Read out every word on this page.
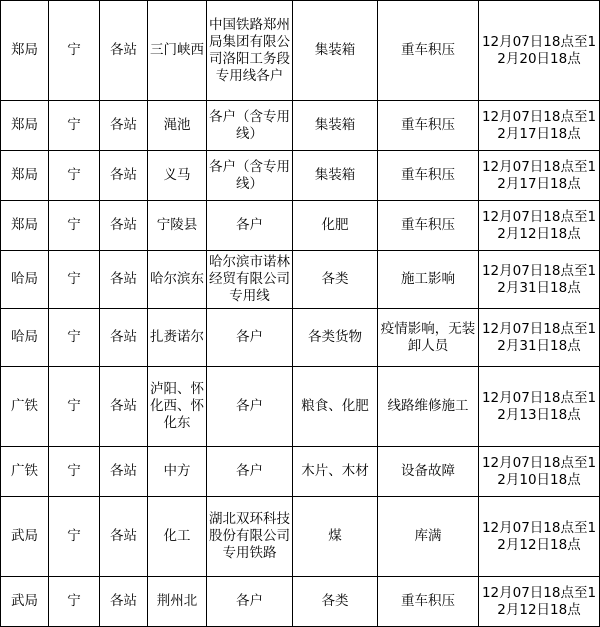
郑局	宁	各站	三门峡西	中国铁路郑州局集团有限公司洛阳工务段专用线各户	集装箱	重车积压	12月07日18点至12月20日18点
郑局	宁	各站	渑池	各户（含专用线）	集装箱	重车积压	12月07日18点至12月17日18点
郑局	宁	各站	义马	各户（含专用线）	集装箱	重车积压	12月07日18点至12月17日18点
郑局	宁	各站	宁陵县	各户	化肥	重车积压	12月07日18点至12月12日18点
哈局	宁	各站	哈尔滨东	哈尔滨市诺林经贸有限公司专用线	各类	施工影响	12月07日18点至12月31日18点
哈局	宁	各站	扎赉诺尔	各户	各类货物	疫情影响，无装卸人员	12月07日18点至12月31日18点
广铁	宁	各站	泸阳、怀化西、怀化东	各户	粮食、化肥	线路维修施工	12月07日18点至12月13日18点
广铁	宁	各站	中方	各户	木片、木材	设备故障	12月07日18点至12月10日18点
武局	宁	各站	化工	湖北双环科技股份有限公司专用铁路	煤	库满	12月07日18点至12月12日18点
武局	宁	各站	荆州北	各户	各类	重车积压	12月07日18点至12月12日18点
